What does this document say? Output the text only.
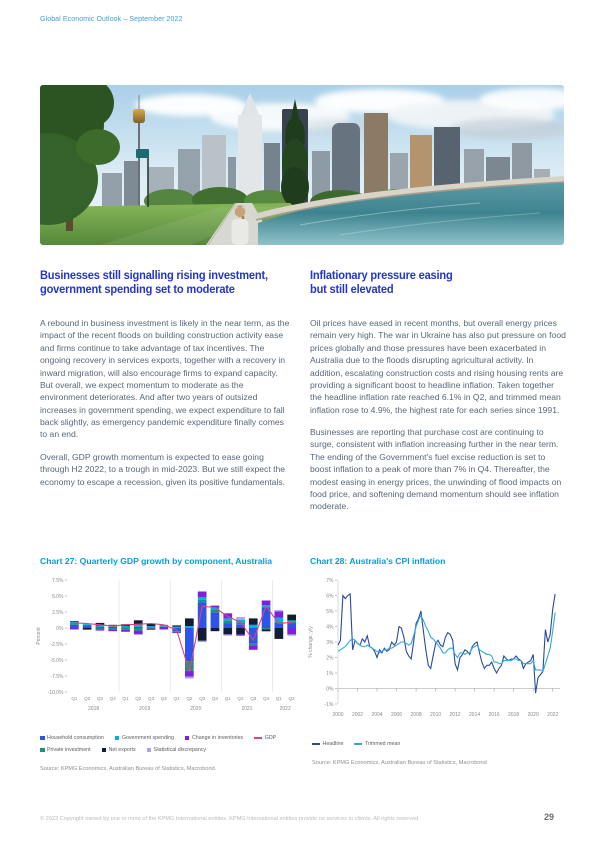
Global Economic Outlook – September 2022
Businesses still signalling rising investment,
government spending set to moderate
Inflationary pressure easing
but still elevated

A rebound in business investment is likely in the near term, as the impact of the recent floods on building construction activity ease and firms continue to take advantage of tax incentives. The ongoing recovery in services exports, together with a recovery in inward migration, will also encourage firms to expand capacity. But overall, we expect momentum to moderate as the environment deteriorates. And after two years of outsized increases in government spending, we expect expenditure to fall back slightly, as emergency pandemic expenditure finally comes to an end.

Overall, GDP growth momentum is expected to ease going through H2 2022, to a trough in mid-2023. But we still expect the economy to escape a recession, given its positive fundamentals.

Oil prices have eased in recent months, but overall energy prices remain very high. The war in Ukraine has also put pressure on food prices globally and those pressures have been exacerbated in Australia due to the floods disrupting agricultural activity. In addition, escalating construction costs and rising housing rents are providing a significant boost to headline inflation. Taken together the headline inflation rate reached 6.1% in Q2, and trimmed mean inflation rose to 4.9%, the highest rate for each series since 1991.

Businesses are reporting that purchase cost are continuing to surge, consistent with inflation increasing further in the near term. The ending of the Government's fuel excise reduction is set to boost inflation to a peak of more than 7% in Q4. Thereafter, the modest easing in energy prices, the unwinding of flood impacts on food price, and softening demand momentum should see inflation moderate.

Chart 27: Quarterly GDP growth by component, Australia	Chart 28: Australia's CPI inflation
7.5%
5.0%
2.5%
0%
-2.5%
-5.0%
-7.5%
-10.0%
Percent
Q1 Q2 Q3 Q4 Q1 Q2 Q3 Q4 Q1 Q2 Q3 Q4 Q1 Q2 Q3 Q4 Q1 Q2
2018	2019	2020	2021	2022
Household consumption	Government spending	Change in inventories	GDP
Private investment	Net exports	Statistical discrepancy
Source: KPMG Economics, Australian Bureau of Statistics, Macrobond.
7%
6%
5%
4%
3%
2%
1%
0%
-1%
% change, y/y
2000 2002 2004 2006 2008 2010 2012 2014 2016 2018 2020 2022
Headline	Trimmed mean
Source: KPMG Economics, Australian Bureau of Statistics, Macrobond
© 2022 Copyright owned by one or more of the KPMG International entities. KPMG International entities provide no services to clients. All rights reserved.	29
